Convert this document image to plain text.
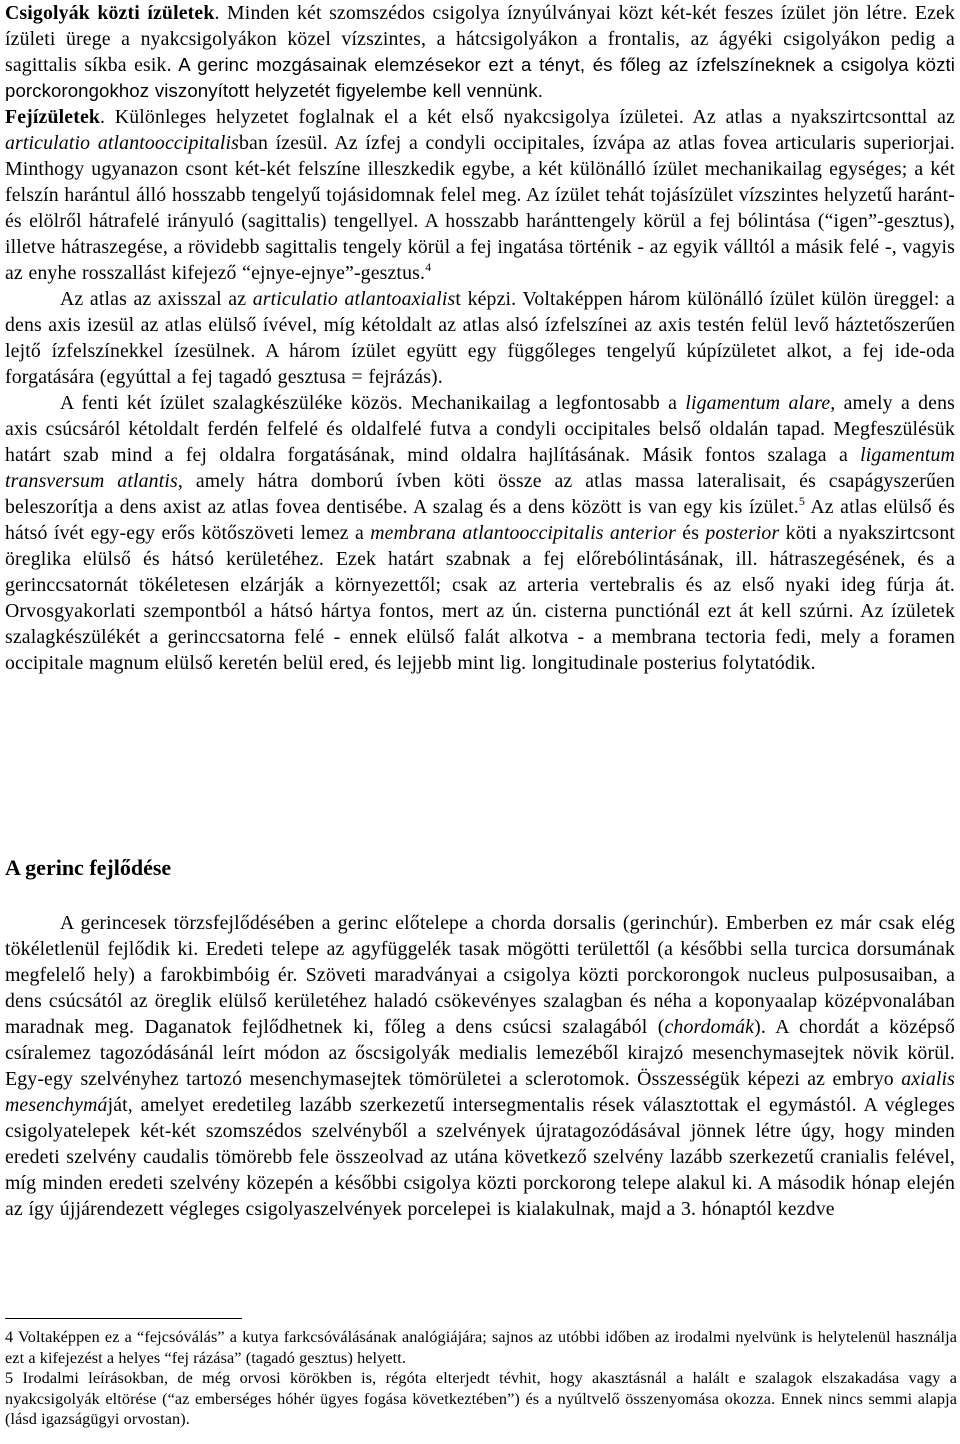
Csigolyák közti ízületek. Minden két szomszédos csigolya íznyúlványai közt két-két feszes ízület jön létre. Ezek ízületi ürege a nyakcsigolyákon közel vízszintes, a hátcsigolyákon a frontalis, az ágyéki csigolyákon pedig a sagittalis síkba esik. A gerinc mozgásainak elemzésekor ezt a tényt, és főleg az ízfelszíneknek a csigolya közti porckorongokhoz viszonyított helyzetét figyelembe kell vennünk.
Fejízületek. Különleges helyzetet foglalnak el a két első nyakcsigolya ízületei. Az atlas a nyakszirtcsonttal az articulatio atlantooccipitalisban ízesül. Az ízfej a condyli occipitales, ízvápa az atlas fovea articularis superiorjai. Minthogy ugyanazon csont két-két felszíne illeszkedik egybe, a két különálló ízület mechanikailag egységes; a két felszín harántul álló hosszabb tengelyű tojásidomnak felel meg. Az ízület tehát tojásízület vízszintes helyzetű haránt- és elölről hátrafelé irányuló (sagittalis) tengellyel. A hosszabb haránttengely körül a fej bólintása (“igen”-gesztus), illetve hátraszegése, a rövidebb sagittalis tengely körül a fej ingatása történik - az egyik válltól a másik felé -, vagyis az enyhe rosszallást kifejező “ejnye-ejnye”-gesztus.$^4$

Az atlas az axisszal az articulatio atlantoaxialist képzi. Voltaképpen három különálló ízület külön üreggel: a dens axis izesül az atlas elülső ívével, míg kétoldalt az atlas alsó ízfelszínei az axis testén felül levő háztetőszerűen lejtő ízfelszínekkel ízesülnek. A három ízület együtt egy függőleges tengelyű kúpízületet alkot, a fej ide-oda forgatására (egyúttal a fej tagadó gesztusa = fejrázás).

A fenti két ízület szalagkészüléke közös. Mechanikailag a legfontosabb a ligamentum alare, amely a dens axis csúcsáról kétoldalt ferdén felfelé és oldalfelé futva a condyli occipitales belső oldalán tapad. Megfeszülésük határt szab mind a fej oldalra forgatásának, mind oldalra hajlításának. Másik fontos szalaga a ligamentum transversum atlantis, amely hátra domború ívben köti össze az atlas massa lateralisait, és csapágyszerűen beleszorítja a dens axist az atlas fovea dentisébe. A szalag és a dens között is van egy kis ízület.$^5$ Az atlas elülső és hátsó ívét egy-egy erős kötőszöveti lemez a membrana atlantooccipitalis anterior és posterior köti a nyakszirtcsont öreglika elülső és hátsó kerületéhez. Ezek határt szabnak a fej előrebólintásának, ill. hátraszegésének, és a gerinccsatornát tökéletesen elzárják a környezettől; csak az arteria vertebralis és az első nyaki ideg fúrja át. Orvosgyakorlati szempontból a hátsó hártya fontos, mert az ún. cisterna punctiónál ezt át kell szúrni. Az ízületek szalagkészülékét a gerinccsatorna felé - ennek elülső falát alkotva - a membrana tectoria fedi, mely a foramen occipitale magnum elülső keretén belül ered, és lejjebb mint lig. longitudinale posterius folytatódik.

A gerinc fejlődése

A gerincesek törzsfejlődésében a gerinc előtelepe a chorda dorsalis (gerinchúr). Emberben ez már csak elég tökéletlenül fejlődik ki. Eredeti telepe az agyfüggelék tasak mögötti területtől (a későbbi sella turcica dorsumának megfelelő hely) a farokbimbóig ér. Szöveti maradványai a csigolya közti porckorongok nucleus pulposusaiban, a dens csúcsától az öreglik elülső kerületéhez haladó csökevényes szalagban és néha a koponyaalap középvonalában maradnak meg. Daganatok fejlődhetnek ki, főleg a dens csúcsi szalagából (chordomák). A chordát a középső csíralemez tagozódásánál leírt módon az őscsigolyák medialis lemezéből kirajzó mesenchymasejtek növik körül. Egy-egy szelvényhez tartozó mesenchymasejtek tömörületei a sclerotomok. Összességük képezi az embryo axialis mesenchymáját, amelyet eredetileg lazább szerkezetű intersegmentalis rések választottak el egymástól. A végleges csigolyatelepek két-két szomszédos szelvényből a szelvények újratagozódásával jönnek létre úgy, hogy minden eredeti szelvény caudalis tömörebb fele összeolvad az utána következő szelvény lazább szerkezetű cranialis felével, míg minden eredeti szelvény közepén a későbbi csigolya közti porckorong telepe alakul ki. A második hónap elején az így újjárendezett végleges csigolyaszelvények porcelepei is kialakulnak, majd a 3. hónaptól kezdve

4 Voltaképpen ez a “fejcsóválás” a kutya farkcsóválásának analógiájára; sajnos az utóbbi időben az irodalmi nyelvünk is helytelenül használja ezt a kifejezést a helyes “fej rázása” (tagadó gesztus) helyett.

5 Irodalmi leírásokban, de még orvosi körökben is, régóta elterjedt tévhit, hogy akasztásnál a halált e szalagok elszakadása vagy a nyakcsigolyák eltörése (“az emberséges hóhér ügyes fogása következtében”) és a nyúltvelő összenyomása okozza. Ennek nincs semmi alapja (lásd igazságügyi orvostan).
